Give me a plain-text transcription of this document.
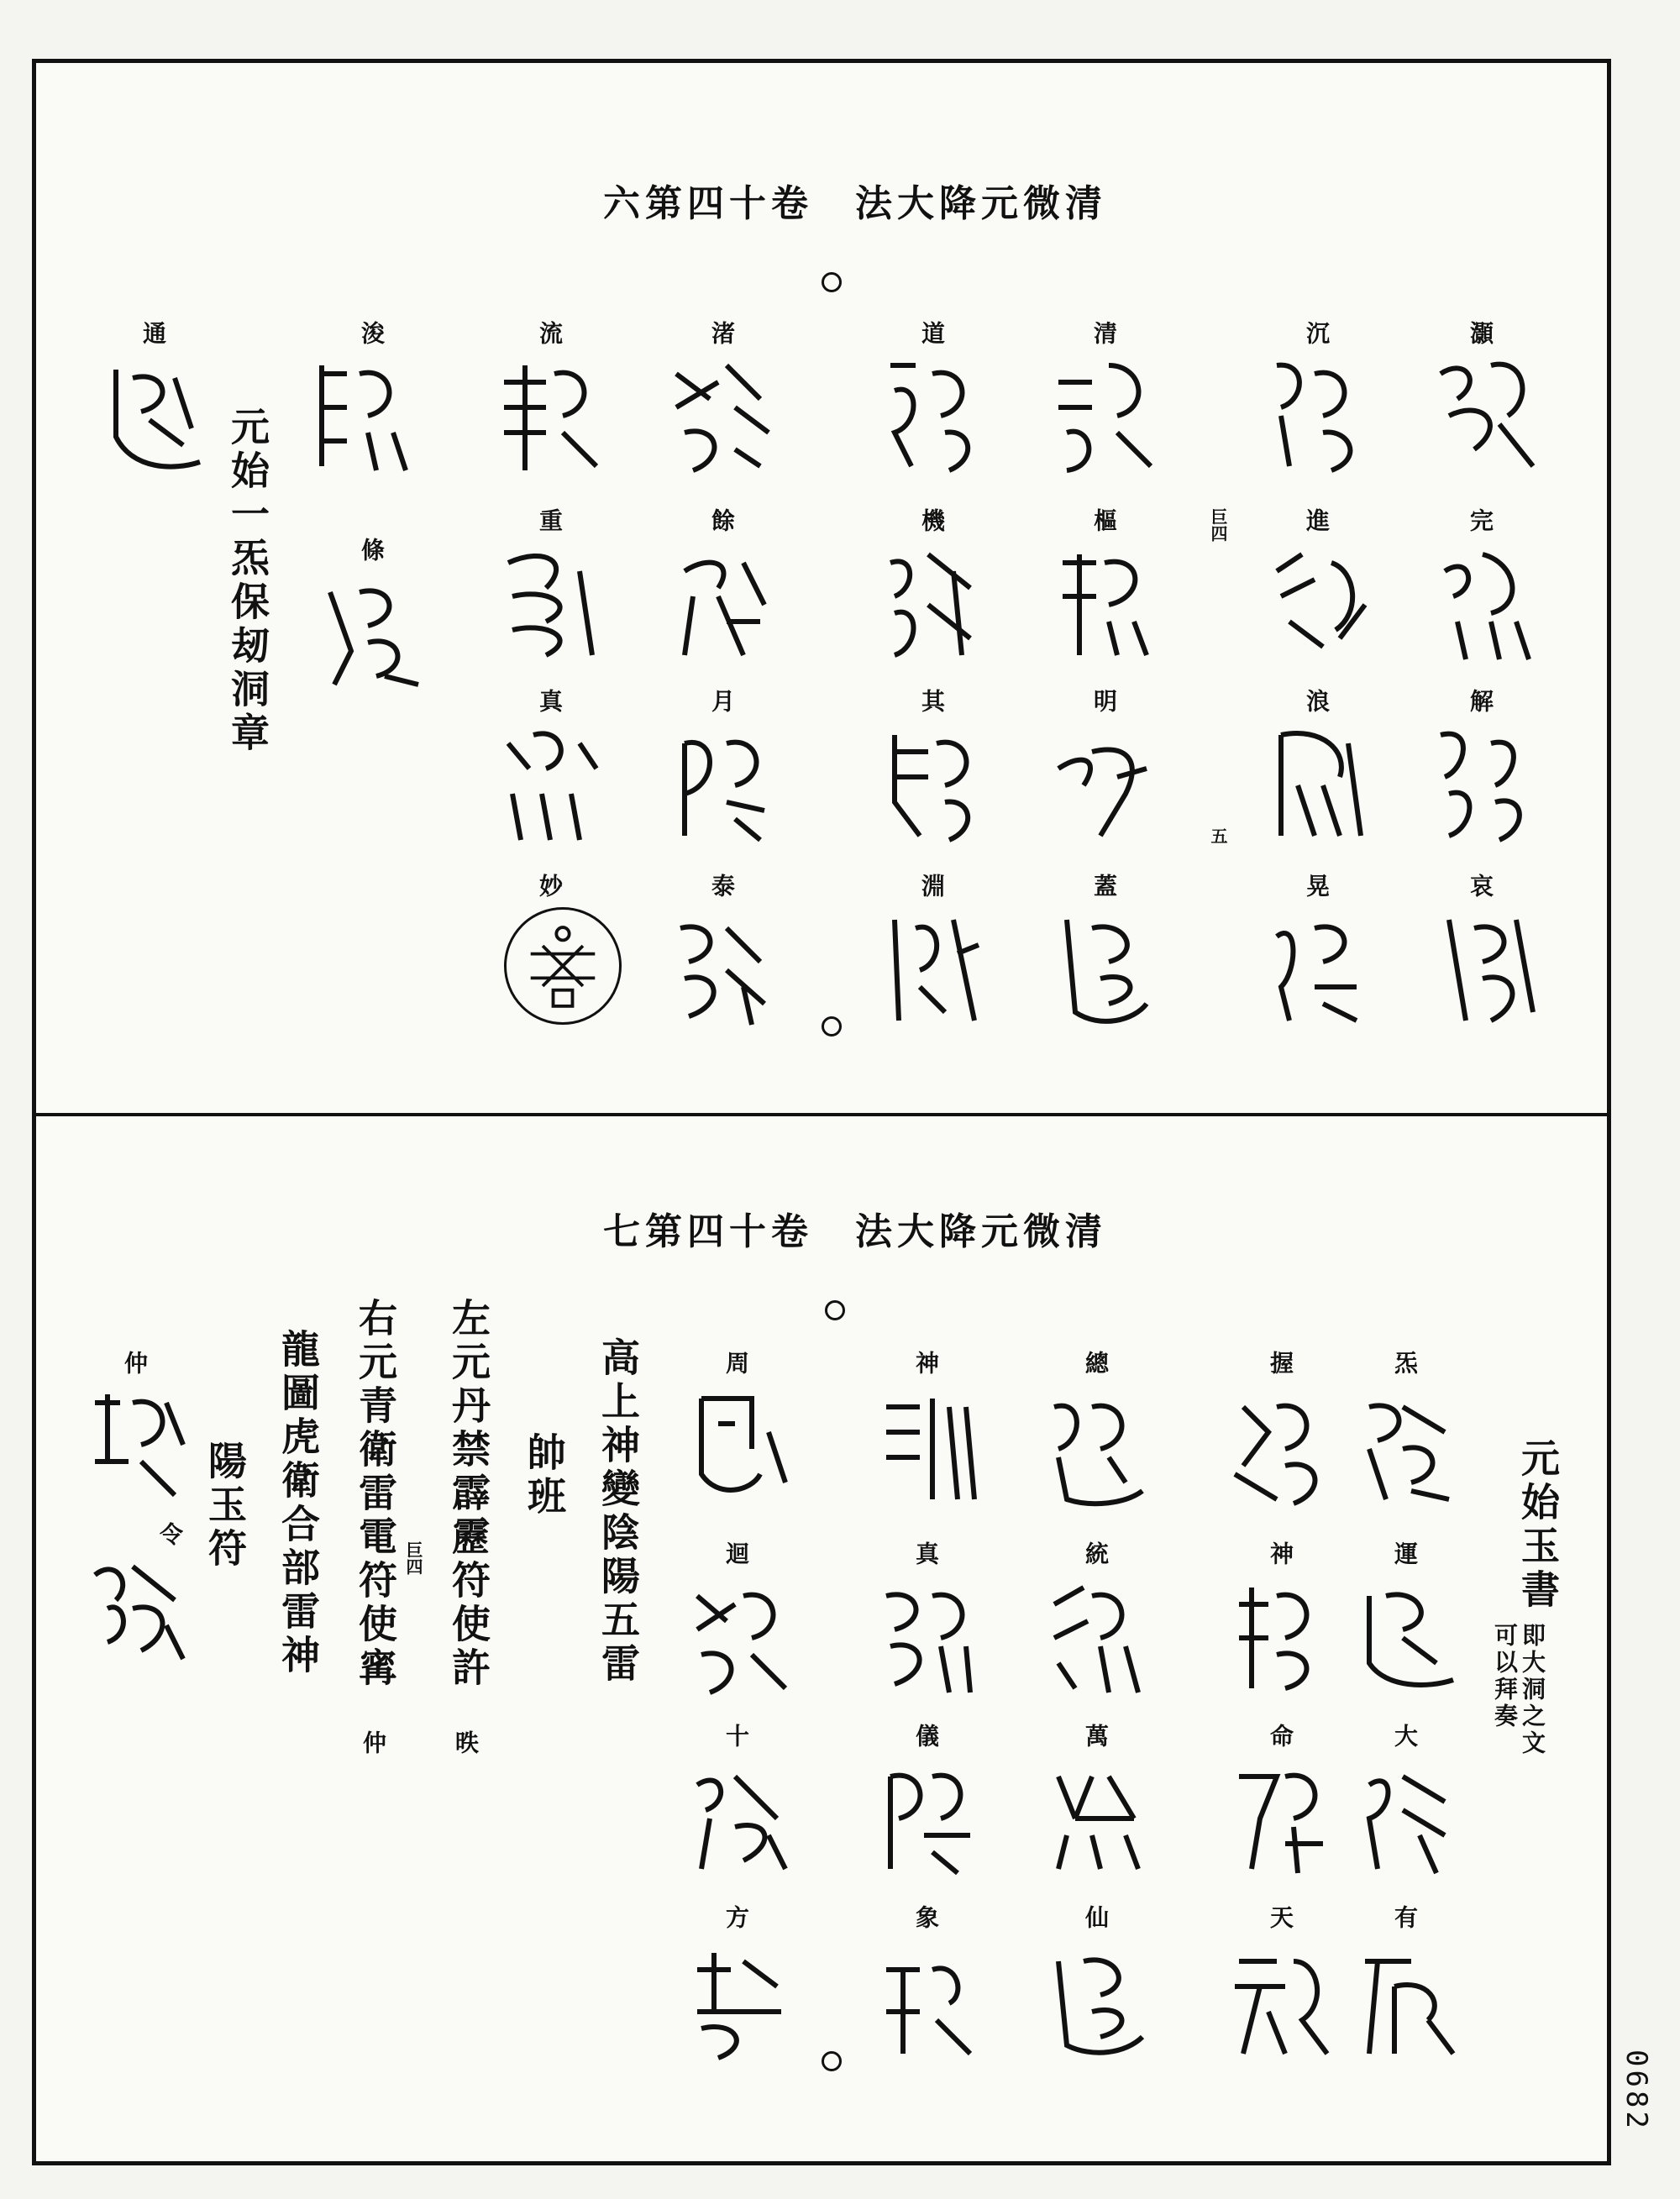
六第四十卷　法大降元微清
灝
完
解
哀
沉
進
浪
晃
巨四
五
清
樞
明
蓋
道
機
其
淵
渚
餘
月
泰
流
重
真
妙
浚
條
元始一炁保刼洞章
通
七第四十卷　法大降元微清
元始玉書
即大洞之文
可以拜奏
炁
運
大
有
握
神
命
天
總
統
萬
仙
神
真
儀
象
周
迴
十
方
高上神變陰陽五雷
帥班
左元丹禁霹靂符使許
昳
巨四
右元青衛雷電符使寗
仲
龍圖虎衛合部雷神
陽玉符
仲
令
0682
